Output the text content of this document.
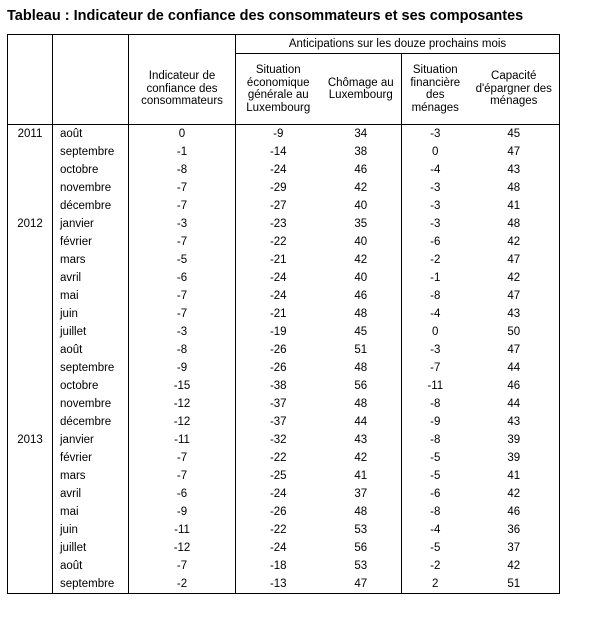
Tableau : Indicateur de confiance des consommateurs et ses composantes
			Anticipations sur les douze prochains mois			
		Indicateur de confiance des consommateurs	Situation économique générale au Luxembourg	Chômage au Luxembourg	Situation financière des ménages	Capacité d'épargner des ménages
2011	août	0	-9	34	-3	45
	septembre	-1	-14	38	0	47
	octobre	-8	-24	46	-4	43
	novembre	-7	-29	42	-3	48
	décembre	-7	-27	40	-3	41
2012	janvier	-3	-23	35	-3	48
	février	-7	-22	40	-6	42
	mars	-5	-21	42	-2	47
	avril	-6	-24	40	-1	42
	mai	-7	-24	46	-8	47
	juin	-7	-21	48	-4	43
	juillet	-3	-19	45	0	50
	août	-8	-26	51	-3	47
	septembre	-9	-26	48	-7	44
	octobre	-15	-38	56	-11	46
	novembre	-12	-37	48	-8	44
	décembre	-12	-37	44	-9	43
2013	janvier	-11	-32	43	-8	39
	février	-7	-22	42	-5	39
	mars	-7	-25	41	-5	41
	avril	-6	-24	37	-6	42
	mai	-9	-26	48	-8	46
	juin	-11	-22	53	-4	36
	juillet	-12	-24	56	-5	37
	août	-7	-18	53	-2	42
	septembre	-2	-13	47	2	51
